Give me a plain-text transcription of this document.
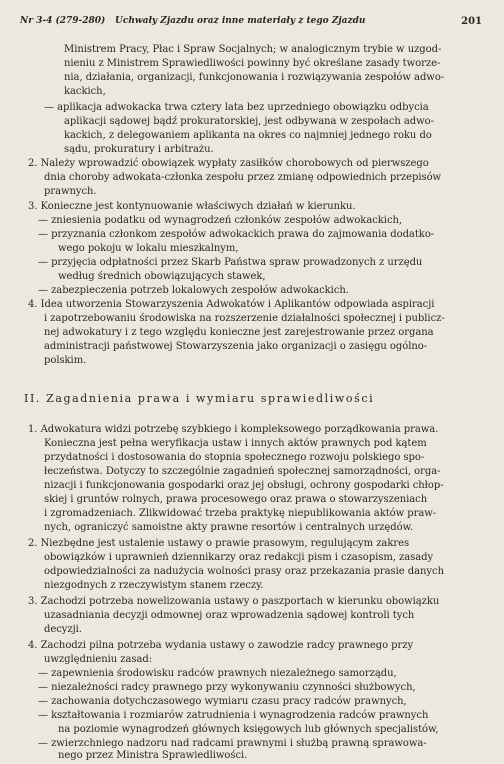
Nr 3-4 (279-280) Uchwały Zjazdu oraz inne materiały z tego Zjazdu	201
Ministrem Pracy, Płac i Spraw Socjalnych; w analogicznym trybie w uzgod-
nieniu z Ministrem Sprawiedliwości powinny być określane zasady tworze-
nia, działania, organizacji, funkcjonowania i rozwiązywania zespołów adwo-
kackich,
— aplikacja adwokacka trwa cztery lata bez uprzedniego obowiązku odbycia
aplikacji sądowej bądź prokuratorskiej, jest odbywana w zespołach adwo-
kackich, z delegowaniem aplikanta na okres co najmniej jednego roku do
sądu, prokuratury i arbitrażu.
2. Należy wprowadzić obowiązek wypłaty zasiłków chorobowych od pierwszego
dnia choroby adwokata-członka zespołu przez zmianę odpowiednich przepisów
prawnych.
3. Konieczne jest kontynuowanie właściwych działań w kierunku.
— zniesienia podatku od wynagrodzeń członków zespołów adwokackich,
— przyznania członkom zespołów adwokackich prawa do zajmowania dodatko-
wego pokoju w lokalu mieszkalnym,
— przyjęcia odpłatności przez Skarb Państwa spraw prowadzonych z urzędu
według średnich obowiązujących stawek,
— zabezpieczenia potrzeb lokalowych zespołów adwokackich.
4. Idea utworzenia Stowarzyszenia Adwokatów i Aplikantów odpowiada aspiracji
i zapotrzebowaniu środowiska na rozszerzenie działalności społecznej i publicz-
nej adwokatury i z tego względu konieczne jest zarejestrowanie przez organa
administracji państwowej Stowarzyszenia jako organizacji o zasięgu ogólno-
polskim.
II. Zagadnienia prawa i wymiaru sprawiedliwości
1. Adwokatura widzi potrzebę szybkiego i kompleksowego porządkowania prawa.
Konieczna jest pełna weryfikacja ustaw i innych aktów prawnych pod kątem
przydatności i dostosowania do stopnia społecznego rozwoju polskiego spo-
łeczeństwa. Dotyczy to szczególnie zagadnień społecznej samorządności, orga-
nizacji i funkcjonowania gospodarki oraz jej obsługi, ochrony gospodarki chłop-
skiej i gruntów rolnych, prawa procesowego oraz prawa o stowarzyszeniach
i zgromadzeniach. Zlikwidować trzeba praktykę niepublikowania aktów praw-
nych, ograniczyć samoistne akty prawne resortów i centralnych urzędów.
2. Niezbędne jest ustalenie ustawy o prawie prasowym, regulującym zakres
obowiązków i uprawnień dziennikarzy oraz redakcji pism i czasopism, zasady
odpowiedzialności za nadużycia wolności prasy oraz przekazania prasie danych
niezgodnych z rzeczywistym stanem rzeczy.
3. Zachodzi potrzeba nowelizowania ustawy o paszportach w kierunku obowiązku
uzasadniania decyzji odmownej oraz wprowadzenia sądowej kontroli tych
decyzji.
4. Zachodzi pilna potrzeba wydania ustawy o zawodzie radcy prawnego przy
uwzględnieniu zasad:
— zapewnienia środowisku radców prawnych niezależnego samorządu,
— niezależności radcy prawnego przy wykonywaniu czynności służbowych,
— zachowania dotychczasowego wymiaru czasu pracy radców prawnych,
— kształtowania i rozmiarów zatrudnienia i wynagrodzenia radców prawnych
na poziomie wynagrodzeń głównych księgowych lub głównych specjalistów,
— zwierzchniego nadzoru nad radcami prawnymi i służbą prawną sprawowa-
nego przez Ministra Sprawiedliwości.
